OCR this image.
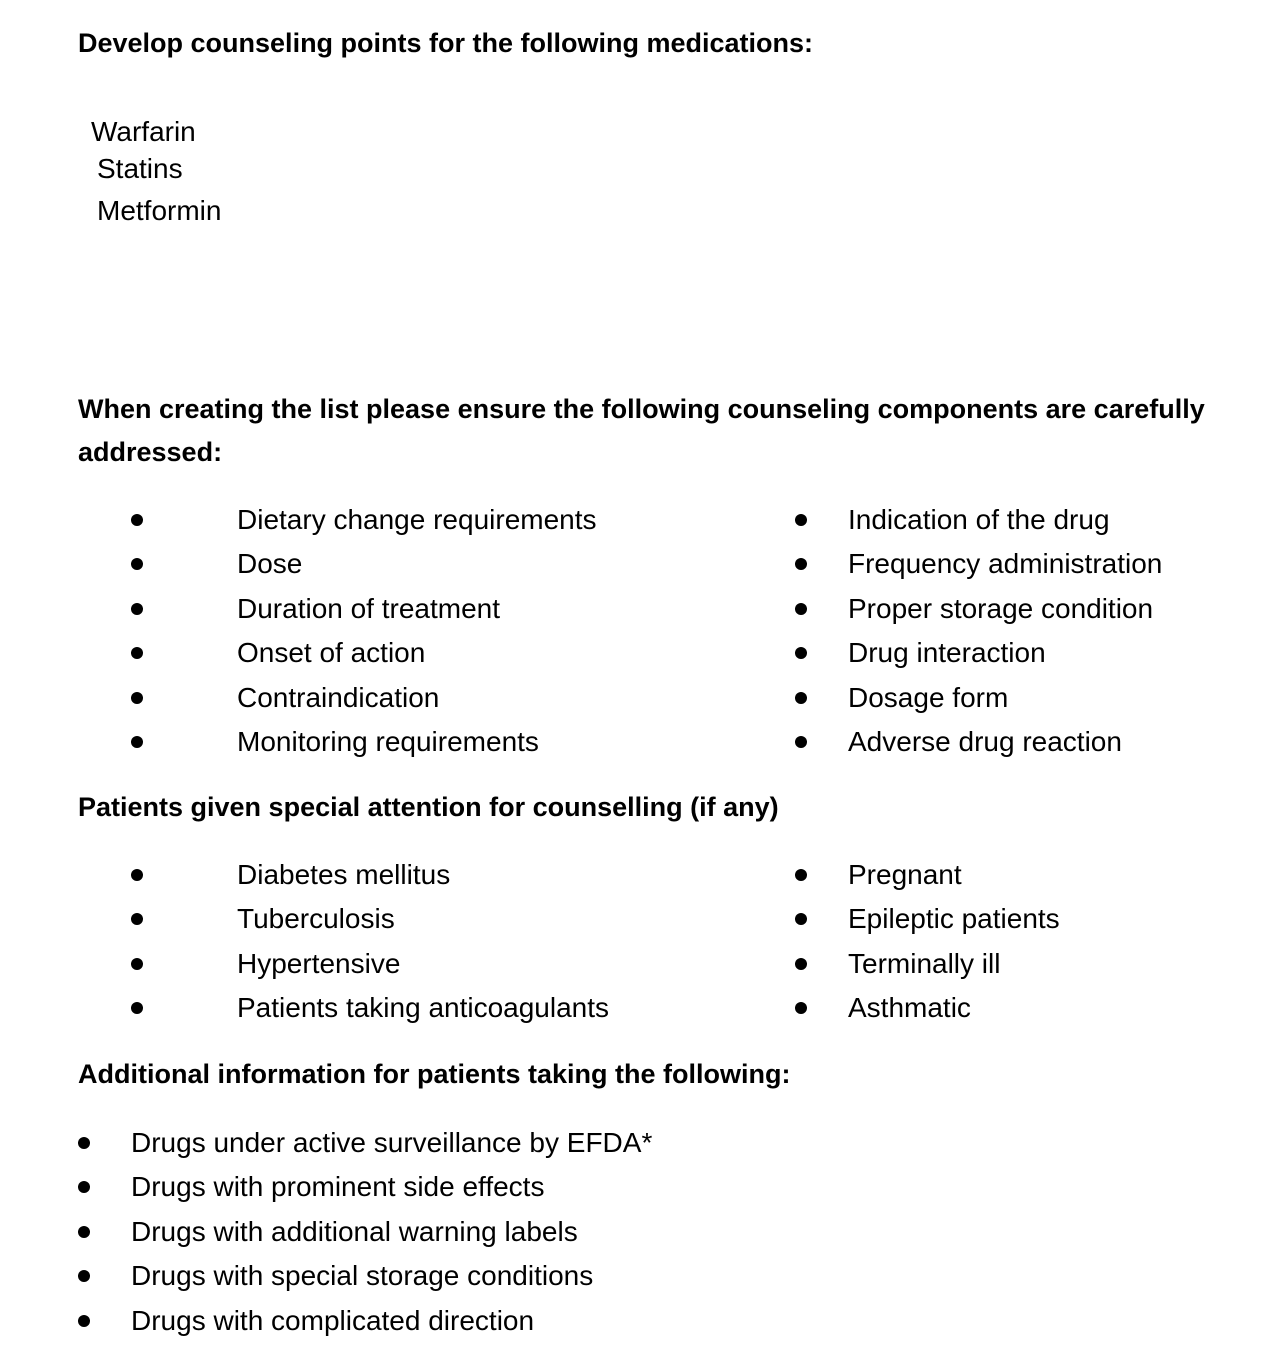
Develop counseling points for the following medications:
Warfarin
Statins
Metformin
When creating the list please ensure the following counseling components are carefully addressed:
Dietary change requirements
Dose
Duration of treatment
Onset of action
Contraindication
Monitoring requirements
Indication of the drug
Frequency administration
Proper storage condition
Drug interaction
Dosage form
Adverse drug reaction
Patients given special attention for counselling (if any)
Diabetes mellitus
Tuberculosis
Hypertensive
Patients taking anticoagulants
Pregnant
Epileptic patients
Terminally ill
Asthmatic
Additional information for patients taking the following:
Drugs under active surveillance by EFDA*
Drugs with prominent side effects
Drugs with additional warning labels
Drugs with special storage conditions
Drugs with complicated direction
